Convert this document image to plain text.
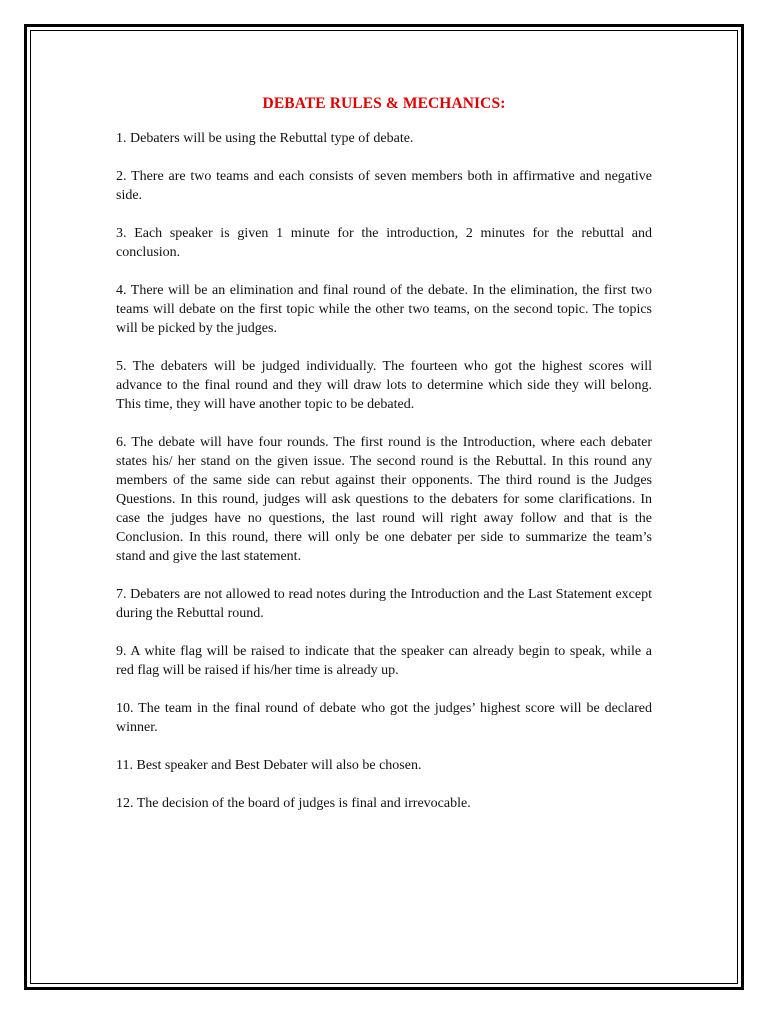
DEBATE RULES & MECHANICS:

1. Debaters will be using the Rebuttal type of debate.

2. There are two teams and each consists of seven members both in affirmative and negative side.

3. Each speaker is given 1 minute for the introduction, 2 minutes for the rebuttal and conclusion.

4. There will be an elimination and final round of the debate. In the elimination, the first two teams will debate on the first topic while the other two teams, on the second topic. The topics will be picked by the judges.

5. The debaters will be judged individually. The fourteen who got the highest scores will advance to the final round and they will draw lots to determine which side they will belong. This time, they will have another topic to be debated.

6. The debate will have four rounds. The first round is the Introduction, where each debater states his/ her stand on the given issue. The second round is the Rebuttal. In this round any members of the same side can rebut against their opponents. The third round is the Judges Questions. In this round, judges will ask questions to the debaters for some clarifications. In case the judges have no questions, the last round will right away follow and that is the Conclusion. In this round, there will only be one debater per side to summarize the team’s stand and give the last statement.

7. Debaters are not allowed to read notes during the Introduction and the Last Statement except during the Rebuttal round.

9. A white flag will be raised to indicate that the speaker can already begin to speak, while a red flag will be raised if his/her time is already up.

10. The team in the final round of debate who got the judges’ highest score will be declared winner.

11. Best speaker and Best Debater will also be chosen.

12. The decision of the board of judges is final and irrevocable.
